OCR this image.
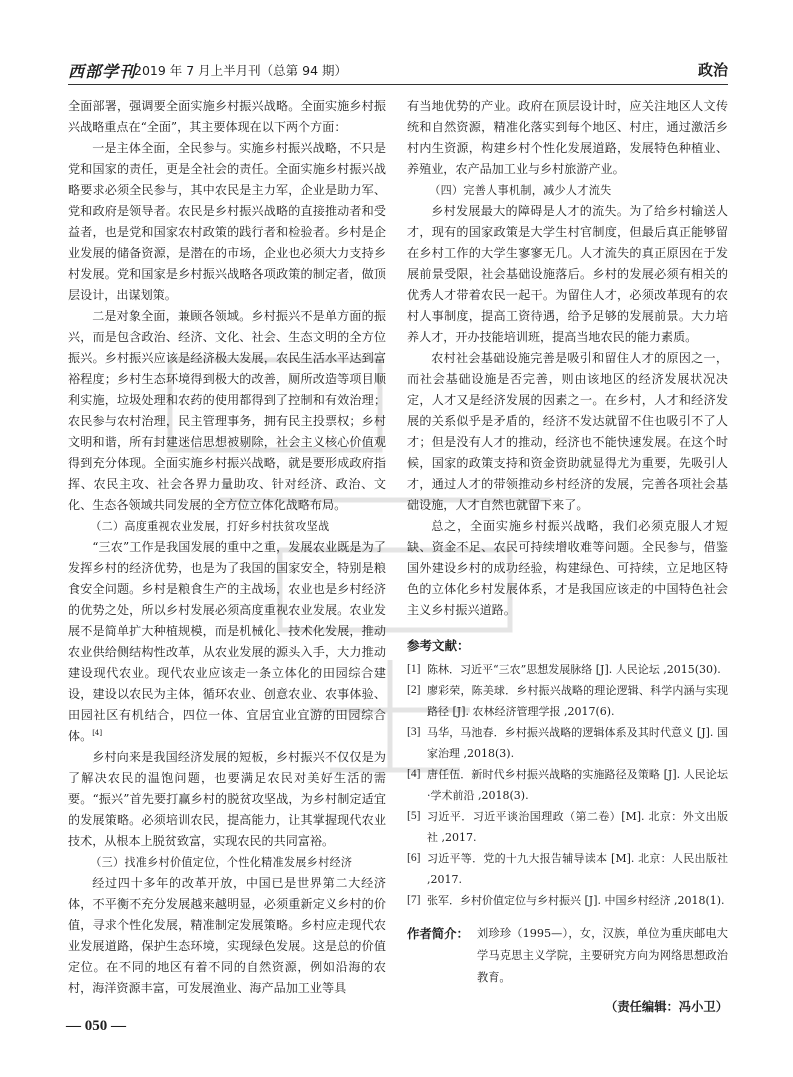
西部学刊
2019 年 7 月上半月刊（总第 94 期）	政治

全面部署，强调要全面实施乡村振兴战略。全面实施乡村振兴战略重点在“全面”，其主要体现在以下两个方面：

一是主体全面，全民参与。实施乡村振兴战略，不只是党和国家的责任，更是全社会的责任。全面实施乡村振兴战略要求必须全民参与，其中农民是主力军，企业是助力军、党和政府是领导者。农民是乡村振兴战略的直接推动者和受益者，也是党和国家农村政策的践行者和检验者。乡村是企业发展的储备资源，是潜在的市场，企业也必须大力支持乡村发展。党和国家是乡村振兴战略各项政策的制定者，做顶层设计，出谋划策。

二是对象全面，兼顾各领域。乡村振兴不是单方面的振兴，而是包含政治、经济、文化、社会、生态文明的全方位振兴。乡村振兴应该是经济极大发展，农民生活水平达到富裕程度；乡村生态环境得到极大的改善，厕所改造等项目顺利实施，垃圾处理和农药的使用都得到了控制和有效治理；农民参与农村治理，民主管理事务，拥有民主投票权；乡村文明和谐，所有封建迷信思想被剔除，社会主义核心价值观得到充分体现。全面实施乡村振兴战略，就是要形成政府指挥、农民主攻、社会各界力量助攻、针对经济、政治、文化、生态各领域共同发展的全方位立体化战略布局。

（二）高度重视农业发展，打好乡村扶贫攻坚战

“三农”工作是我国发展的重中之重，发展农业既是为了发挥乡村的经济优势，也是为了我国的国家安全，特别是粮食安全问题。乡村是粮食生产的主战场，农业也是乡村经济的优势之处，所以乡村发展必须高度重视农业发展。农业发展不是简单扩大种植规模，而是机械化、技术化发展，推动农业供给侧结构性改革，从农业发展的源头入手，大力推动建设现代农业。现代农业应该走一条立体化的田园综合建设，建设以农民为主体，循环农业、创意农业、农事体验、田园社区有机结合，四位一体、宜居宜业宜游的田园综合体。[4]

乡村向来是我国经济发展的短板，乡村振兴不仅仅是为了解决农民的温饱问题，也要满足农民对美好生活的需要。“振兴”首先要打赢乡村的脱贫攻坚战，为乡村制定适宜的发展策略。必须培训农民，提高能力，让其掌握现代农业技术，从根本上脱贫致富，实现农民的共同富裕。

（三）找准乡村价值定位，个性化精准发展乡村经济

经过四十多年的改革开放，中国已是世界第二大经济体，不平衡不充分发展越来越明显，必须重新定义乡村的价值，寻求个性化发展，精准制定发展策略。乡村应走现代农业发展道路，保护生态环境，实现绿色发展。这是总的价值定位。在不同的地区有着不同的自然资源，例如沿海的农村，海洋资源丰富，可发展渔业、海产品加工业等具

有当地优势的产业。政府在顶层设计时，应关注地区人文传统和自然资源，精准化落实到每个地区、村庄，通过激活乡村内生资源，构建乡村个性化发展道路，发展特色种植业、养殖业，农产品加工业与乡村旅游产业。

（四）完善人事机制，减少人才流失

乡村发展最大的障碍是人才的流失。为了给乡村输送人才，现有的国家政策是大学生村官制度，但最后真正能够留在乡村工作的大学生寥寥无几。人才流失的真正原因在于发展前景受限，社会基础设施落后。乡村的发展必须有相关的优秀人才带着农民一起干。为留住人才，必须改革现有的农村人事制度，提高工资待遇，给予足够的发展前景。大力培养人才，开办技能培训班，提高当地农民的能力素质。

农村社会基础设施完善是吸引和留住人才的原因之一，而社会基础设施是否完善，则由该地区的经济发展状况决定，人才又是经济发展的因素之一。在乡村，人才和经济发展的关系似乎是矛盾的，经济不发达就留不住也吸引不了人才；但是没有人才的推动，经济也不能快速发展。在这个时候，国家的政策支持和资金资助就显得尤为重要，先吸引人才，通过人才的带领推动乡村经济的发展，完善各项社会基础设施，人才自然也就留下来了。

总之，全面实施乡村振兴战略，我们必须克服人才短缺、资金不足、农民可持续增收难等问题。全民参与，借鉴国外建设乡村的成功经验，构建绿色、可持续，立足地区特色的立体化乡村发展体系，才是我国应该走的中国特色社会主义乡村振兴道路。

参考文献：
[1] 陈林．习近平“三农”思想发展脉络 [J]. 人民论坛 ,2015(30).
[2] 廖彩荣，陈美球．乡村振兴战略的理论逻辑、科学内涵与实现路径 [J]. 农林经济管理学报 ,2017(6).
[3] 马华，马池春．乡村振兴战略的逻辑体系及其时代意义 [J]. 国家治理 ,2018(3).
[4] 唐任伍．新时代乡村振兴战略的实施路径及策略 [J]. 人民论坛·学术前沿 ,2018(3).
[5] 习近平．习近平谈治国理政（第二卷）[M]. 北京：外文出版社 ,2017.
[6] 习近平等．党的十九大报告辅导读本 [M]. 北京：人民出版社 ,2017.
[7] 张军．乡村价值定位与乡村振兴 [J]. 中国乡村经济 ,2018(1).
作者简介： 刘珍珍（1995—），女，汉族，单位为重庆邮电大学马克思主义学院，主要研究方向为网络思想政治教育。
（责任编辑：冯小卫）
— 050 —
